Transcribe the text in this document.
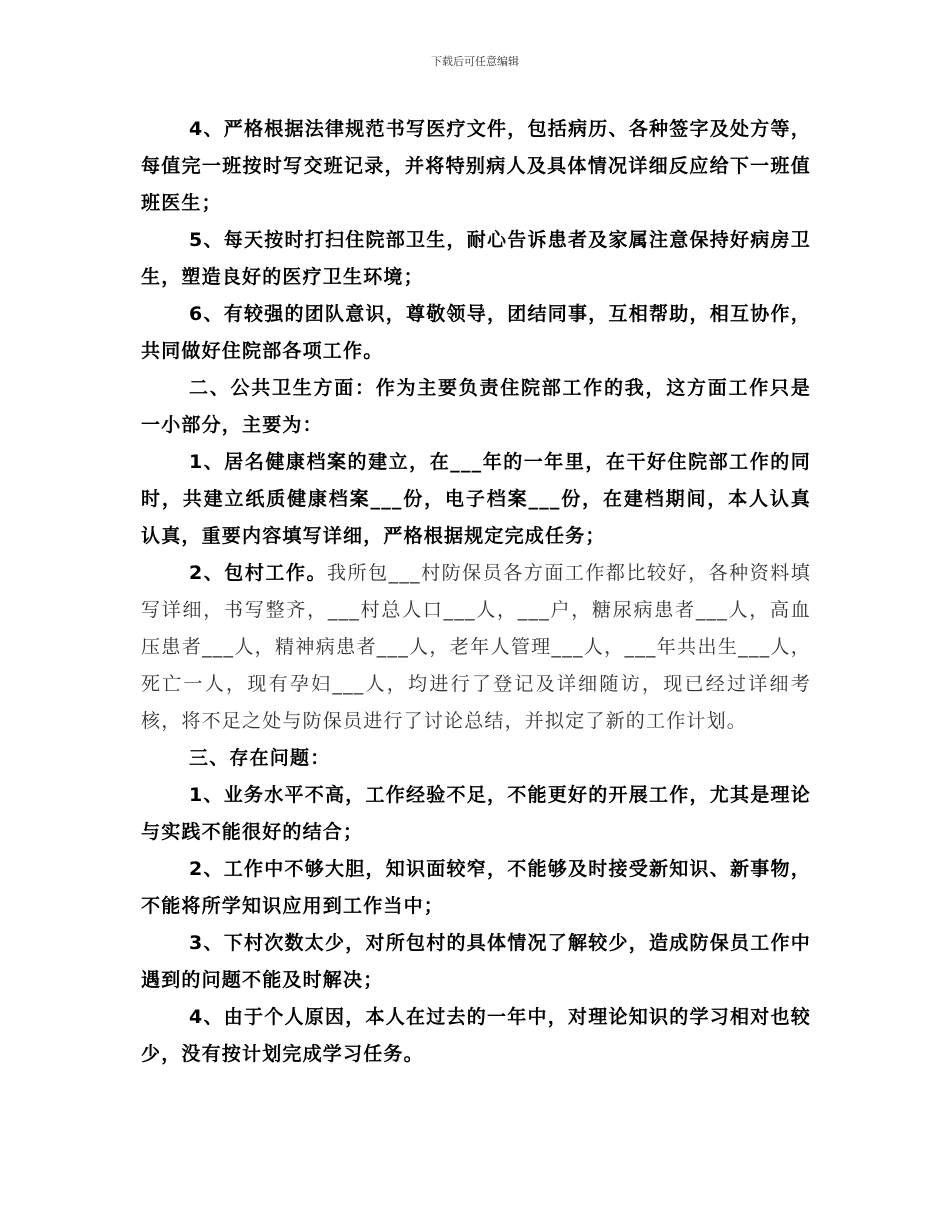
下载后可任意编辑

4、严格根据法律规范书写医疗文件，包括病历、各种签字及处方等，每值完一班按时写交班记录，并将特别病人及具体情况详细反应给下一班值班医生；

5、每天按时打扫住院部卫生，耐心告诉患者及家属注意保持好病房卫生，塑造良好的医疗卫生环境；

6、有较强的团队意识，尊敬领导，团结同事，互相帮助，相互协作，共同做好住院部各项工作。

二、公共卫生方面：作为主要负责住院部工作的我，这方面工作只是一小部分，主要为：

1、居名健康档案的建立，在___年的一年里，在干好住院部工作的同时，共建立纸质健康档案___份，电子档案___份，在建档期间，本人认真认真，重要内容填写详细，严格根据规定完成任务；

2、包村工作。我所包___村防保员各方面工作都比较好，各种资料填写详细，书写整齐，___村总人口___人，___户，糖尿病患者___人，高血压患者___人，精神病患者___人，老年人管理___人，___年共出生___人，死亡一人，现有孕妇___人，均进行了登记及详细随访，现已经过详细考核，将不足之处与防保员进行了讨论总结，并拟定了新的工作计划。

三、存在问题：

1、业务水平不高，工作经验不足，不能更好的开展工作，尤其是理论与实践不能很好的结合；

2、工作中不够大胆，知识面较窄，不能够及时接受新知识、新事物，不能将所学知识应用到工作当中；

3、下村次数太少，对所包村的具体情况了解较少，造成防保员工作中遇到的问题不能及时解决；

4、由于个人原因，本人在过去的一年中，对理论知识的学习相对也较少，没有按计划完成学习任务。
